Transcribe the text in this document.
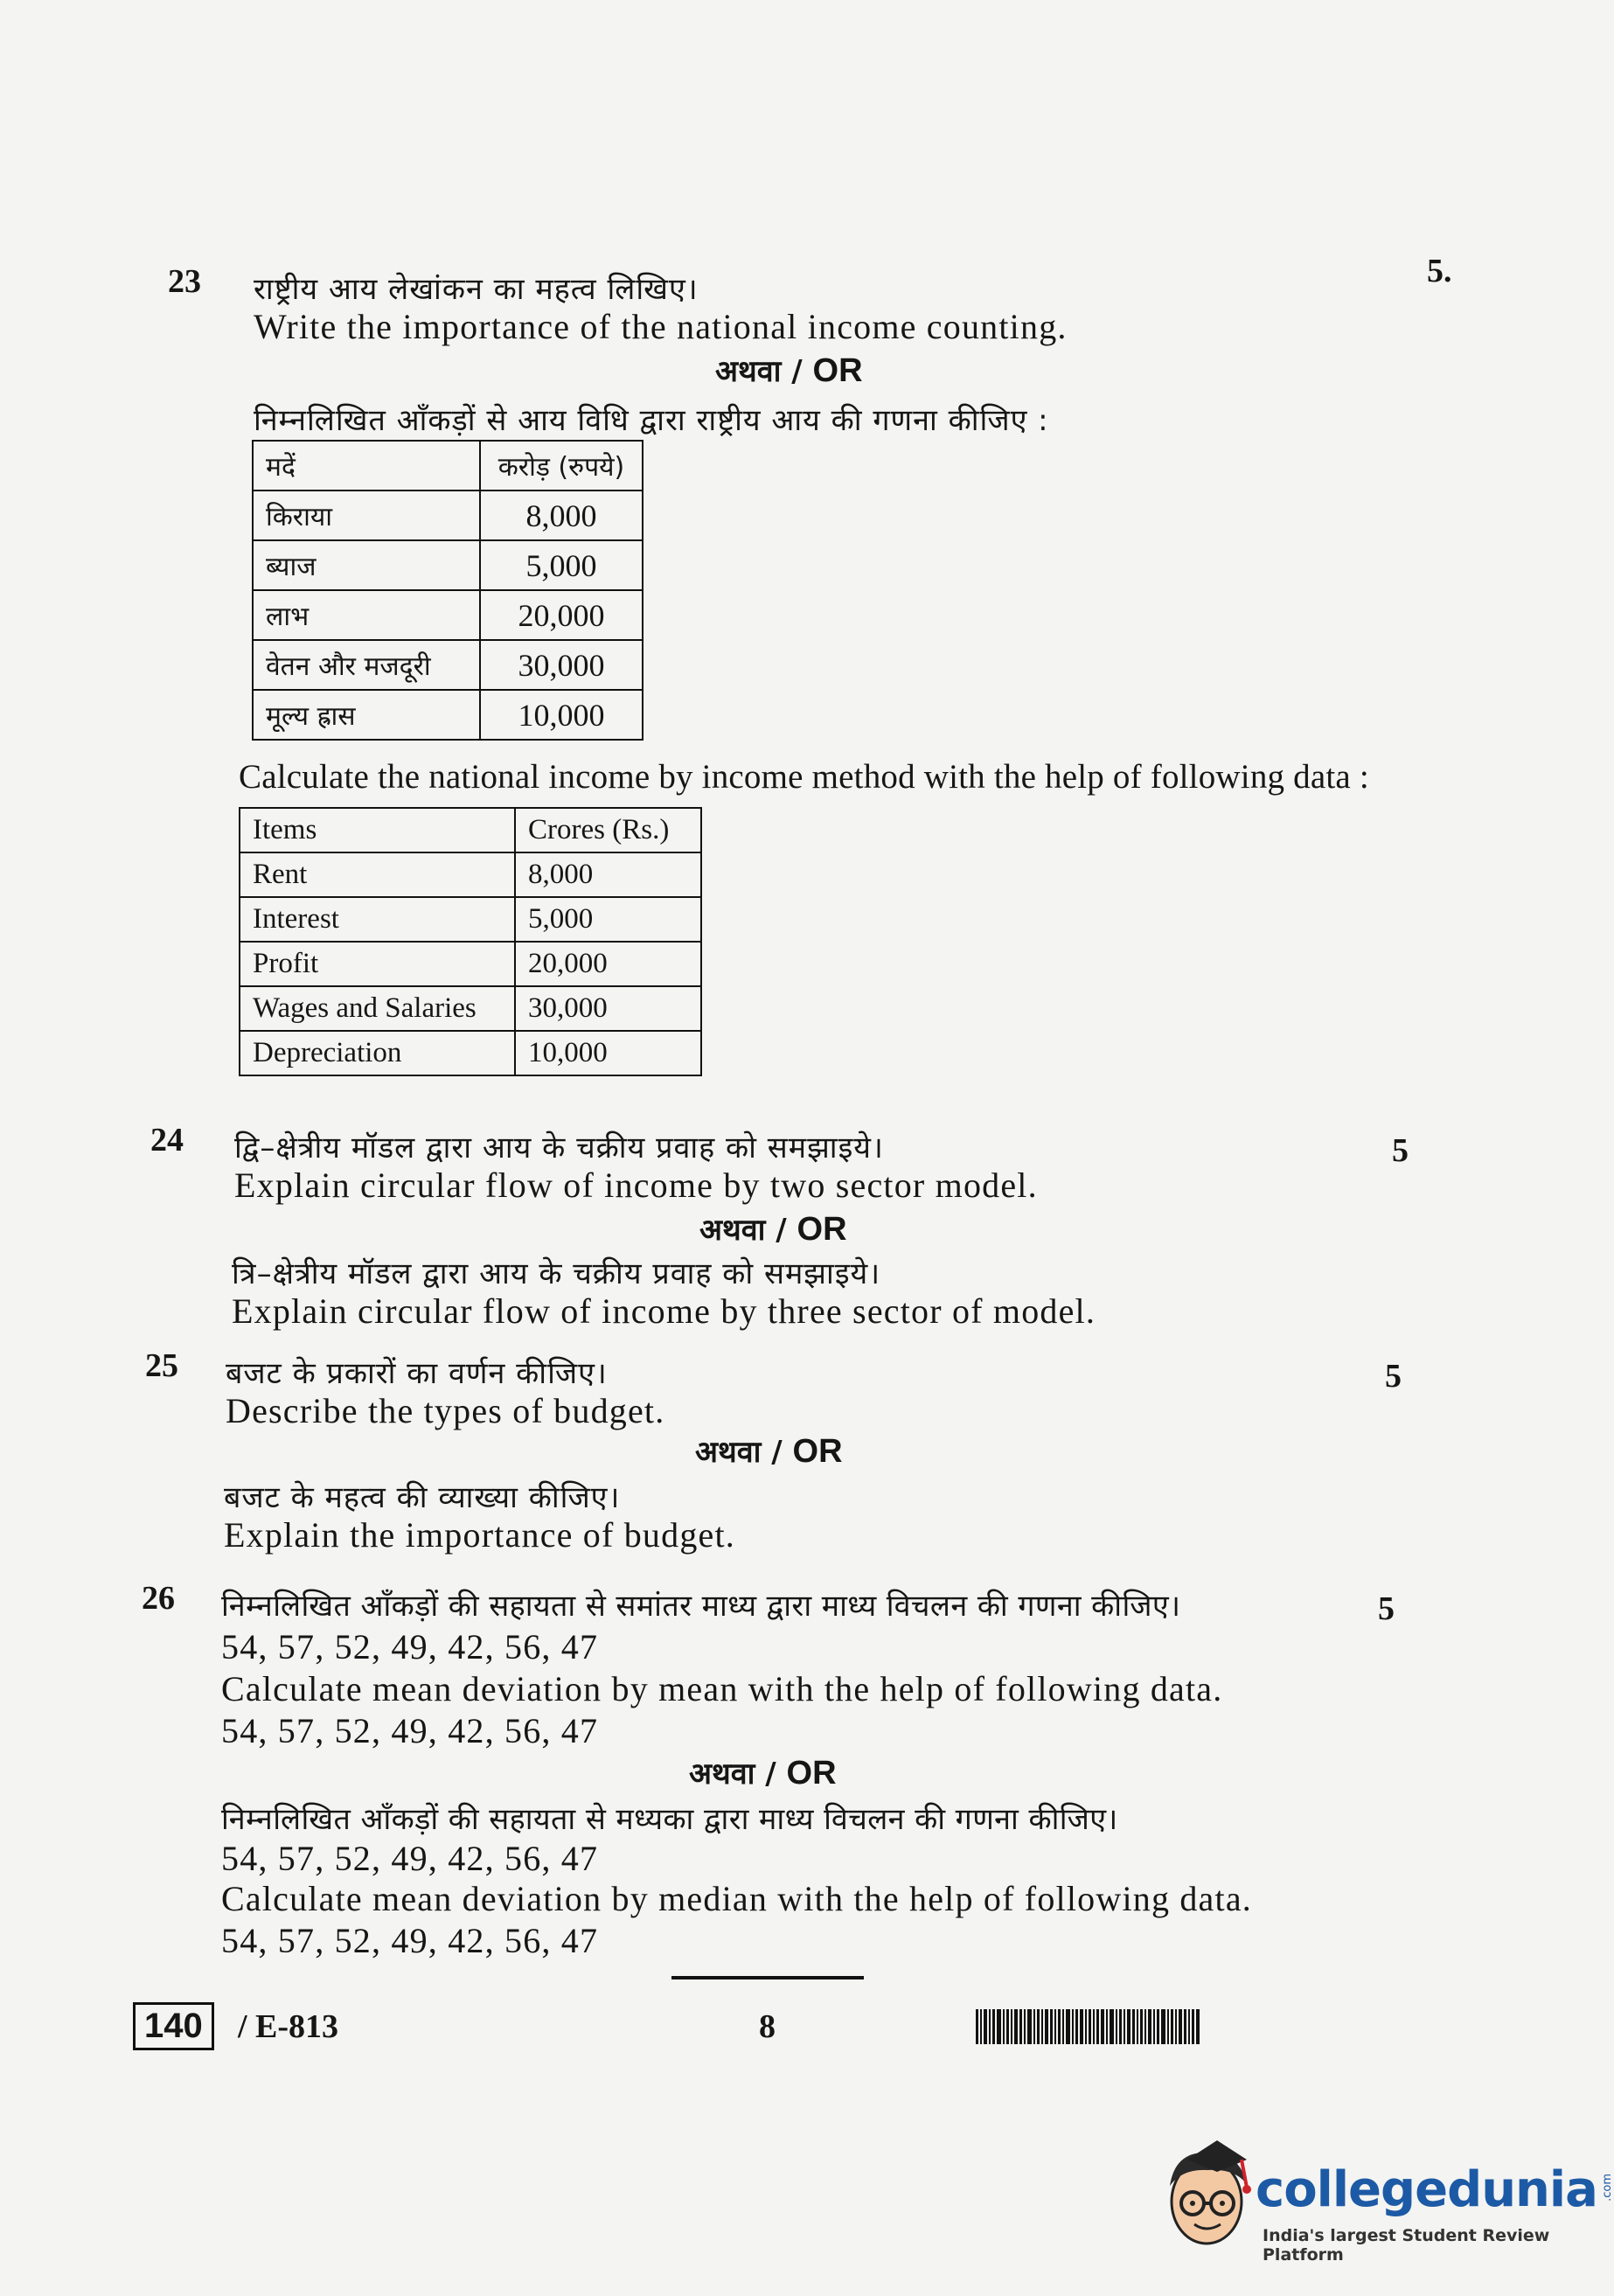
23	5.
राष्ट्रीय आय लेखांकन का महत्व लिखिए।
Write the importance of the national income counting.
अथवा / OR
निम्नलिखित आँकड़ों से आय विधि द्वारा राष्ट्रीय आय की गणना कीजिए :
मदें	करोड़ (रुपये)
किराया	8,000
ब्याज	5,000
लाभ	20,000
वेतन और मजदूरी	30,000
मूल्य ह्रास	10,000
Calculate the national income by income method with the help of following data :
Items	Crores (Rs.)
Rent	8,000
Interest	5,000
Profit	20,000
Wages and Salaries	30,000
Depreciation	10,000
24	5
द्वि–क्षेत्रीय मॉडल द्वारा आय के चक्रीय प्रवाह को समझाइये।
Explain circular flow of income by two sector model.
अथवा / OR
त्रि–क्षेत्रीय मॉडल द्वारा आय के चक्रीय प्रवाह को समझाइये।
Explain circular flow of income by three sector of model.
25	5
बजट के प्रकारों का वर्णन कीजिए।
Describe the types of budget.
अथवा / OR
बजट के महत्व की व्याख्या कीजिए।
Explain the importance of budget.
26	5
निम्नलिखित आँकड़ों की सहायता से समांतर माध्य द्वारा माध्य विचलन की गणना कीजिए।
54, 57, 52, 49, 42, 56, 47
Calculate mean deviation by mean with the help of following data.
54, 57, 52, 49, 42, 56, 47
अथवा / OR
निम्नलिखित आँकड़ों की सहायता से मध्यका द्वारा माध्य विचलन की गणना कीजिए।
54, 57, 52, 49, 42, 56, 47
Calculate mean deviation by median with the help of following data.
54, 57, 52, 49, 42, 56, 47
140	/ E-813	8
collegedunia .com
India's largest Student Review Platform
